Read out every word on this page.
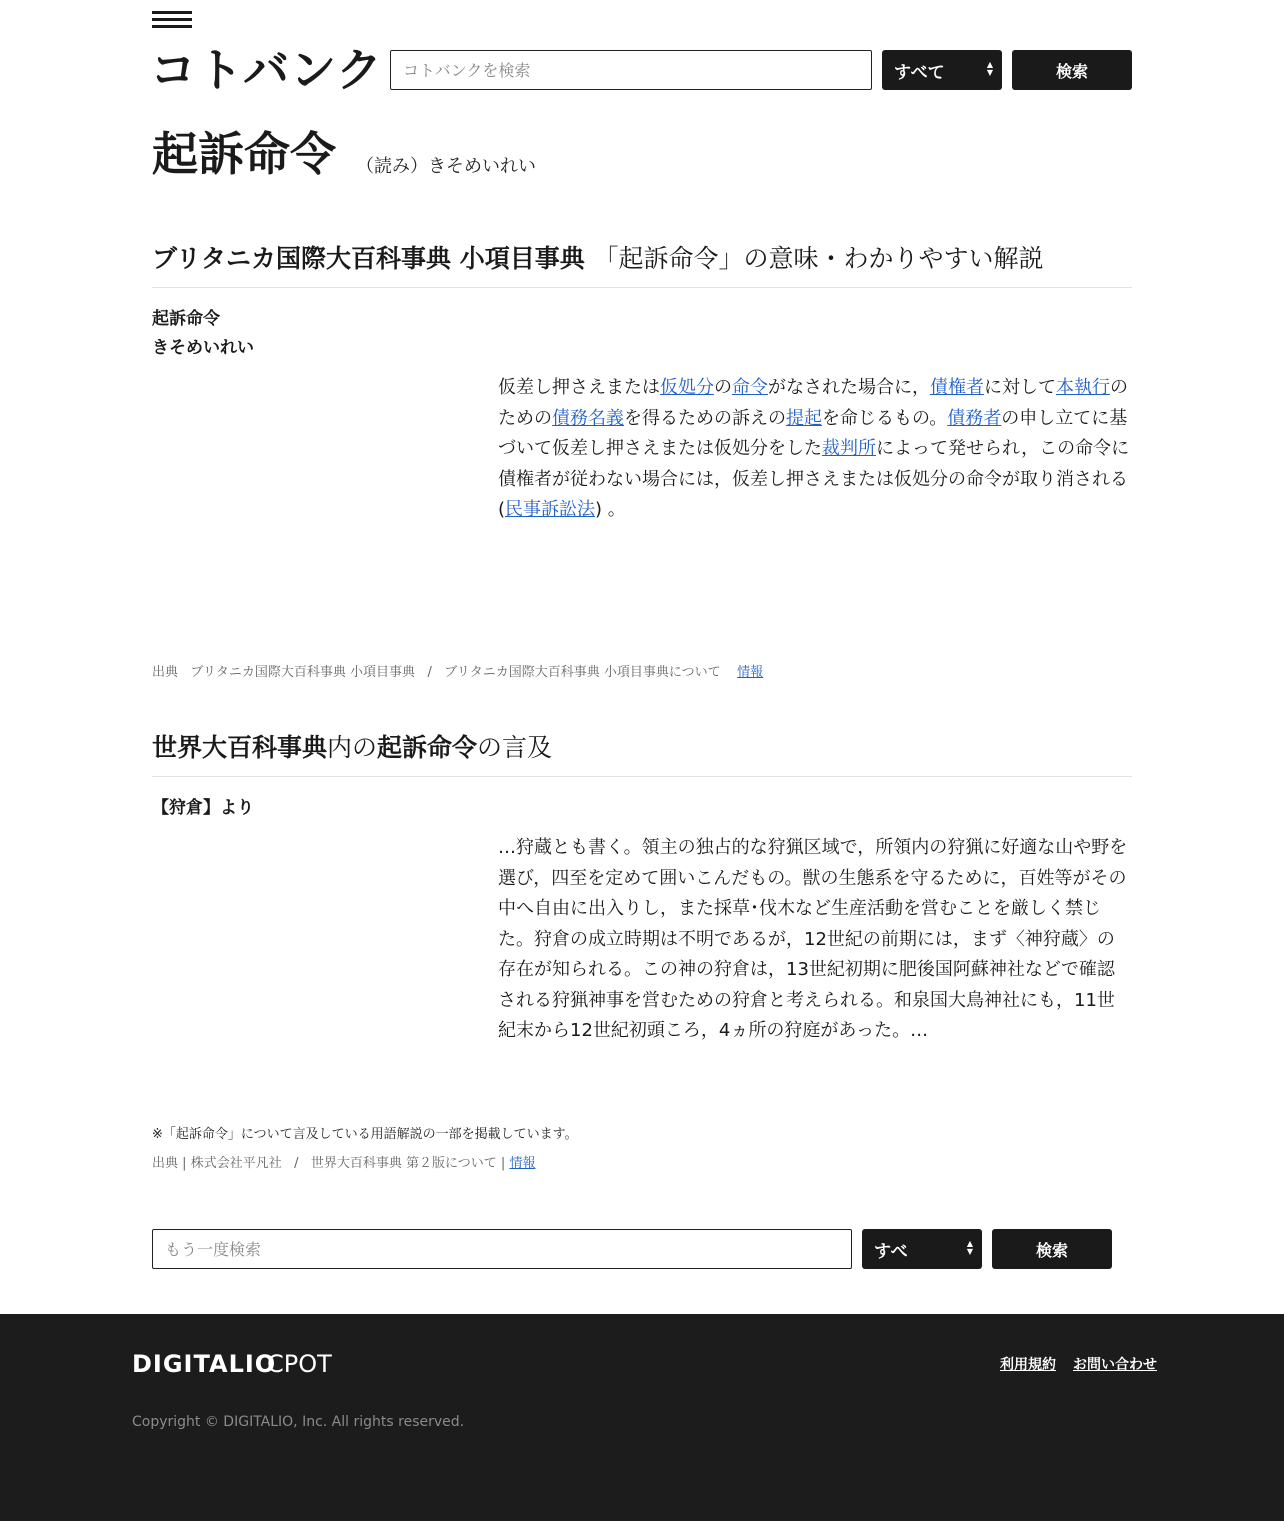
コトバンク
コトバンクを検索	すべて	▲
▼	検索
起訴命令 （読み）きそめいれい
ブリタニカ国際大百科事典 小項目事典 「起訴命令」の意味・わかりやすい解説
起訴命令
きそめいれい

仮差し押さえまたは仮処分の命令がなされた場合に，債権者に対して本執行のための債務名義を得るための訴えの提起を命じるもの。債務者の申し立てに基づいて仮差し押さえまたは仮処分をした裁判所によって発せられ，この命令に債権者が従わない場合には，仮差し押さえまたは仮処分の命令が取り消される (民事訴訟法) 。

出典 ブリタニカ国際大百科事典 小項目事典 / ブリタニカ国際大百科事典 小項目事典について 情報
世界大百科事典内の起訴命令の言及
【狩倉】より

…狩蔵とも書く。領主の独占的な狩猟区域で，所領内の狩猟に好適な山や野を選び，四至を定めて囲いこんだもの。獣の生態系を守るために，百姓等がその中へ自由に出入りし，また採草･伐木など生産活動を営むことを厳しく禁じた。狩倉の成立時期は不明であるが，12世紀の前期には，まず〈神狩蔵〉の存在が知られる。この神の狩倉は，13世紀初期に肥後国阿蘇神社などで確認される狩猟神事を営むための狩倉と考えられる。和泉国大鳥神社にも，11世紀末から12世紀初頭ころ，4ヵ所の狩庭があった。…

※「起訴命令」について言及している用語解説の一部を掲載しています。
出典 | 株式会社平凡社 / 世界大百科事典 第２版について | 情報
もう一度検索
すべ	▲
▼	検索
DIGITALIO
CPOT	利用規約 お問い合わせ
Copyright © DIGITALIO, Inc. All rights reserved.
